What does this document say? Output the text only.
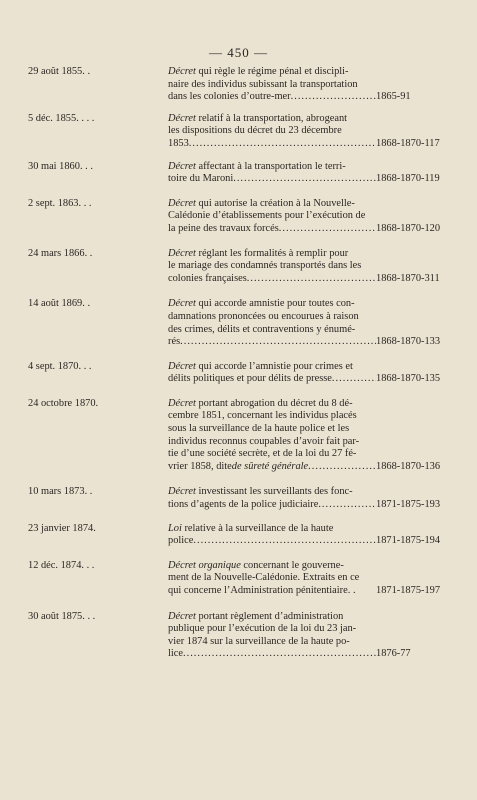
— 450 —
29 août 1855. .	Décret qui règle le régime pénal et discipli-
naire des individus subissant la transportation
dans les colonies d’outre-mer .....	1865-91
5 déc. 1855. . . .	Décret relatif à la transportation, abrogeant
les dispositions du décret du 23 décembre
1853 .....	1868-1870-117
30 mai 1860. . .	Décret affectant à la transportation le terri-
toire du Maroni .....	1868-1870-119
2 sept. 1863. . .	Décret qui autorise la création à la Nouvelle-
Calédonie d’établissements pour l’exécution de
la peine des travaux forcés .....	1868-1870-120
24 mars 1866. .	Décret réglant les formalités à remplir pour
le mariage des condamnés transportés dans les
colonies françaises .....	1868-1870-311
14 août 1869. .	Décret qui accorde amnistie pour toutes con-
damnations prononcées ou encourues à raison
des crimes, délits et contraventions y énumé-
rés .....	1868-1870-133
4 sept. 1870. . .	Décret qui accorde l’amnistie pour crimes et
délits politiques et pour délits de presse .....	1868-1870-135
24 octobre 1870.	Décret portant abrogation du décret du 8 dé-
cembre 1851, concernant les individus placés
sous la surveillance de la haute police et les
individus reconnus coupables d’avoir fait par-
tie d’une société secrète, et de la loi du 27 fé-
vrier 1858, dite de sûreté générale .....	1868-1870-136
10 mars 1873. .	Décret investissant les surveillants des fonc-
tions d’agents de la police judiciaire .....	1871-1875-193
23 janvier 1874.	Loi relative à la surveillance de la haute
police .....	1871-1875-194
12 déc. 1874. . .	Décret organique concernant le gouverne-
ment de la Nouvelle-Calédonie. Extraits en ce
qui concerne l’Administration pénitentiaire. . 1871-1875-197
30 août 1875. . .	Décret portant règlement d’administration
publique pour l’exécution de la loi du 23 jan-
vier 1874 sur la surveillance de la haute po-
lice .....	1876-77
